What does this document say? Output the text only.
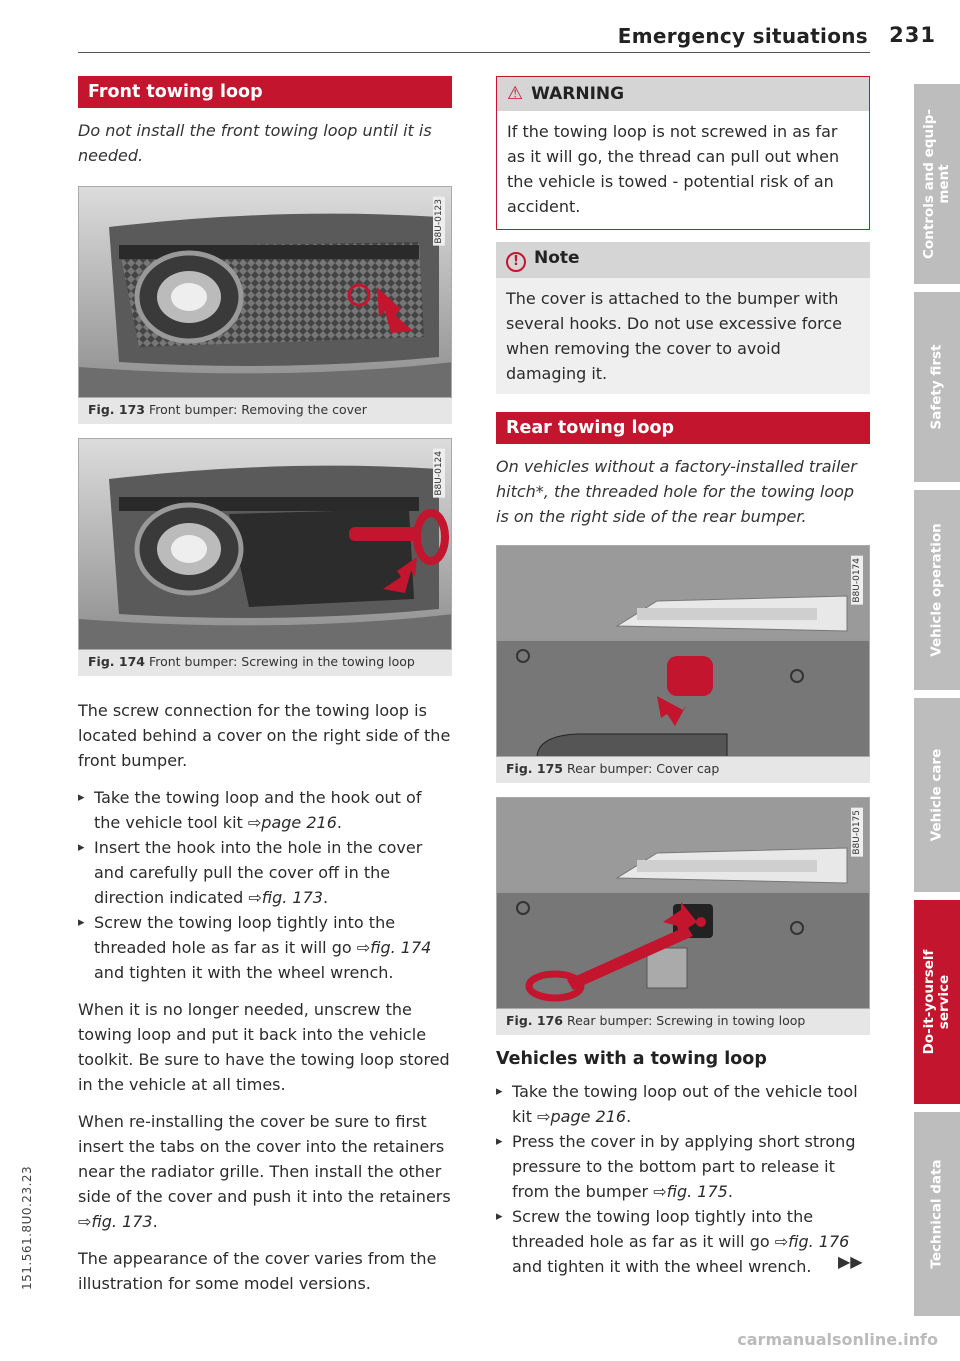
Emergency situations 231
Front towing loop
Do not install the front towing loop until it is needed.
B8U-0123
Fig. 173 Front bumper: Removing the cover
B8U-0124
Fig. 174 Front bumper: Screwing in the towing loop

The screw connection for the towing loop is located behind a cover on the right side of the front bumper.

▸ Take the towing loop and the hook out of the vehicle tool kit ⇨page 216.
▸ Insert the hook into the hole in the cover and carefully pull the cover off in the direction indicated ⇨fig. 173.
▸ Screw the towing loop tightly into the threaded hole as far as it will go ⇨fig. 174 and tighten it with the wheel wrench.

When it is no longer needed, unscrew the towing loop and put it back into the vehicle toolkit. Be sure to have the towing loop stored in the vehicle at all times.

When re-installing the cover be sure to first insert the tabs on the cover into the retainers near the radiator grille. Then install the other side of the cover and push it into the retainers ⇨fig. 173.

The appearance of the cover varies from the illustration for some model versions.

⚠ WARNING
If the towing loop is not screwed in as far as it will go, the thread can pull out when the vehicle is towed - potential risk of an accident.
! Note
The cover is attached to the bumper with several hooks. Do not use excessive force when removing the cover to avoid damaging it.
Rear towing loop
On vehicles without a factory-installed trailer hitch*, the threaded hole for the towing loop is on the right side of the rear bumper.
B8U-0174
Fig. 175 Rear bumper: Cover cap
B8U-0175
Fig. 176 Rear bumper: Screwing in towing loop
Vehicles with a towing loop
▸ Take the towing loop out of the vehicle tool kit ⇨page 216.
▸ Press the cover in by applying short strong pressure to the bottom part to release it from the bumper ⇨fig. 175.
▸ Screw the towing loop tightly into the threaded hole as far as it will go ⇨fig. 176 and tighten it with the wheel wrench.	▶▶
Controls and equip-
ment
Safety first
Vehicle operation
Vehicle care
Do-it-yourself
service
Technical data
151.561.8U0.23.23
carmanualsonline.info
